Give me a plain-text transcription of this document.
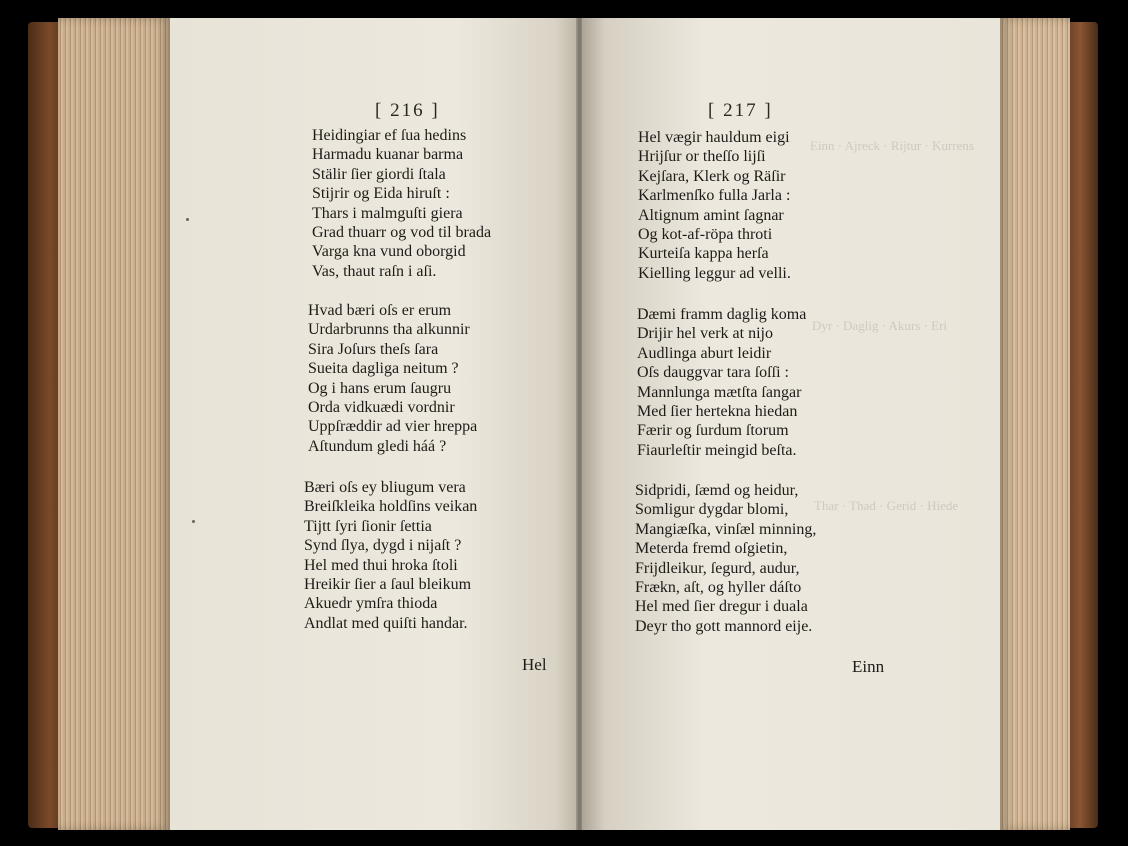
[ 216 ]
Heidingiar ef ſua hedins
Harmadu kuanar barma
Stälir ſier giordi ſtala
Stijrir og Eida hiruſt :
Thars i malmguſti giera
Grad thuarr og vod til brada
Varga kna vund oborgid
Vas, thaut raſn i aſi.
Hvad bæri oſs er erum
Urdarbrunns tha alkunnir
Sira Joſurs theſs ſara
Sueita dagliga neitum ?
Og i hans erum ſaugru
Orda vidkuædi vordnir
Uppſræddir ad vier hreppa
Aſtundum gledi háá ?
Bæri oſs ey bliugum vera
Breiſkleika holdſins veikan
Tijtt ſyri ſionir ſettia
Synd ſlya, dygd i nijaſt ?
Hel med thui hroka ſtoli
Hreikir ſier a ſaul bleikum
Akuedr ymſra thioda
Andlat med quiſti handar.
Hel
Einn · Ajreck · Rijtur · Kurrens
Dyr · Daglig · Akurs · Eri
Thar · Thad · Gerid · Hiede
[ 217 ]
Hel vægir hauldum eigi
Hrijſur or theſſo lijſi
Kejſara, Klerk og Räſir
Karlmenſko fulla Jarla :
Altignum amint ſagnar
Og kot-af-röpa throti
Kurteiſa kappa herſa
Kielling leggur ad velli.
Dæmi framm daglig koma
Drijir hel verk at nijo
Audlinga aburt leidir
Oſs dauggvar tara ſoſſi :
Mannlunga mætſta ſangar
Med ſier hertekna hiedan
Færir og ſurdum ſtorum
Fiaurleſtir meingid beſta.
Sidpridi, ſæmd og heidur,
Somligur dygdar blomi,
Mangiæſka, vinſæl minning,
Meterda fremd oſgietin,
Frijdleikur, ſegurd, audur,
Frækn, aſt, og hyller dáſto
Hel med ſier dregur i duala
Deyr tho gott mannord eije.
Einn
